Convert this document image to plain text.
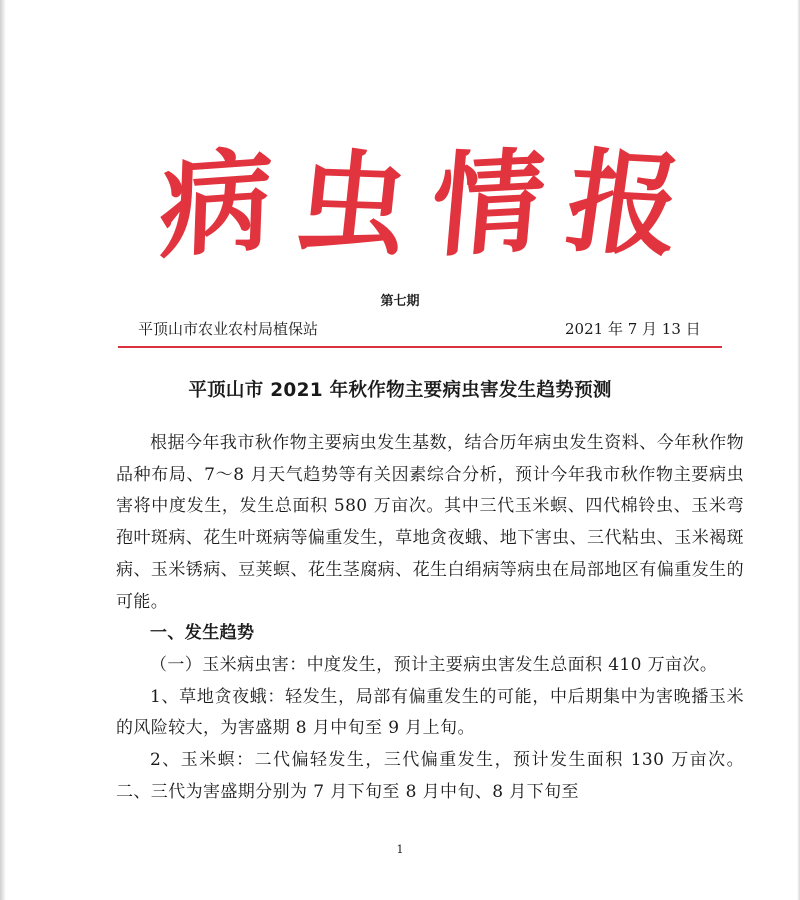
病 虫 情 报
第七期
平顶山市农业农村局植保站	2021 年 7 月 13 日
平顶山市 2021 年秋作物主要病虫害发生趋势预测

根据今年我市秋作物主要病虫发生基数，结合历年病虫发生资料、今年秋作物品种布局、7～8 月天气趋势等有关因素综合分析，预计今年我市秋作物主要病虫害将中度发生，发生总面积 580 万亩次。其中三代玉米螟、四代棉铃虫、玉米弯孢叶斑病、花生叶斑病等偏重发生，草地贪夜蛾、地下害虫、三代粘虫、玉米褐斑病、玉米锈病、豆荚螟、花生茎腐病、花生白绢病等病虫在局部地区有偏重发生的可能。

一、发生趋势

（一）玉米病虫害：中度发生，预计主要病虫害发生总面积 410 万亩次。

1、草地贪夜蛾：轻发生，局部有偏重发生的可能，中后期集中为害晚播玉米的风险较大，为害盛期 8 月中旬至 9 月上旬。

2、玉米螟：二代偏轻发生，三代偏重发生，预计发生面积 130 万亩次。二、三代为害盛期分别为 7 月下旬至 8 月中旬、8 月下旬至

1
